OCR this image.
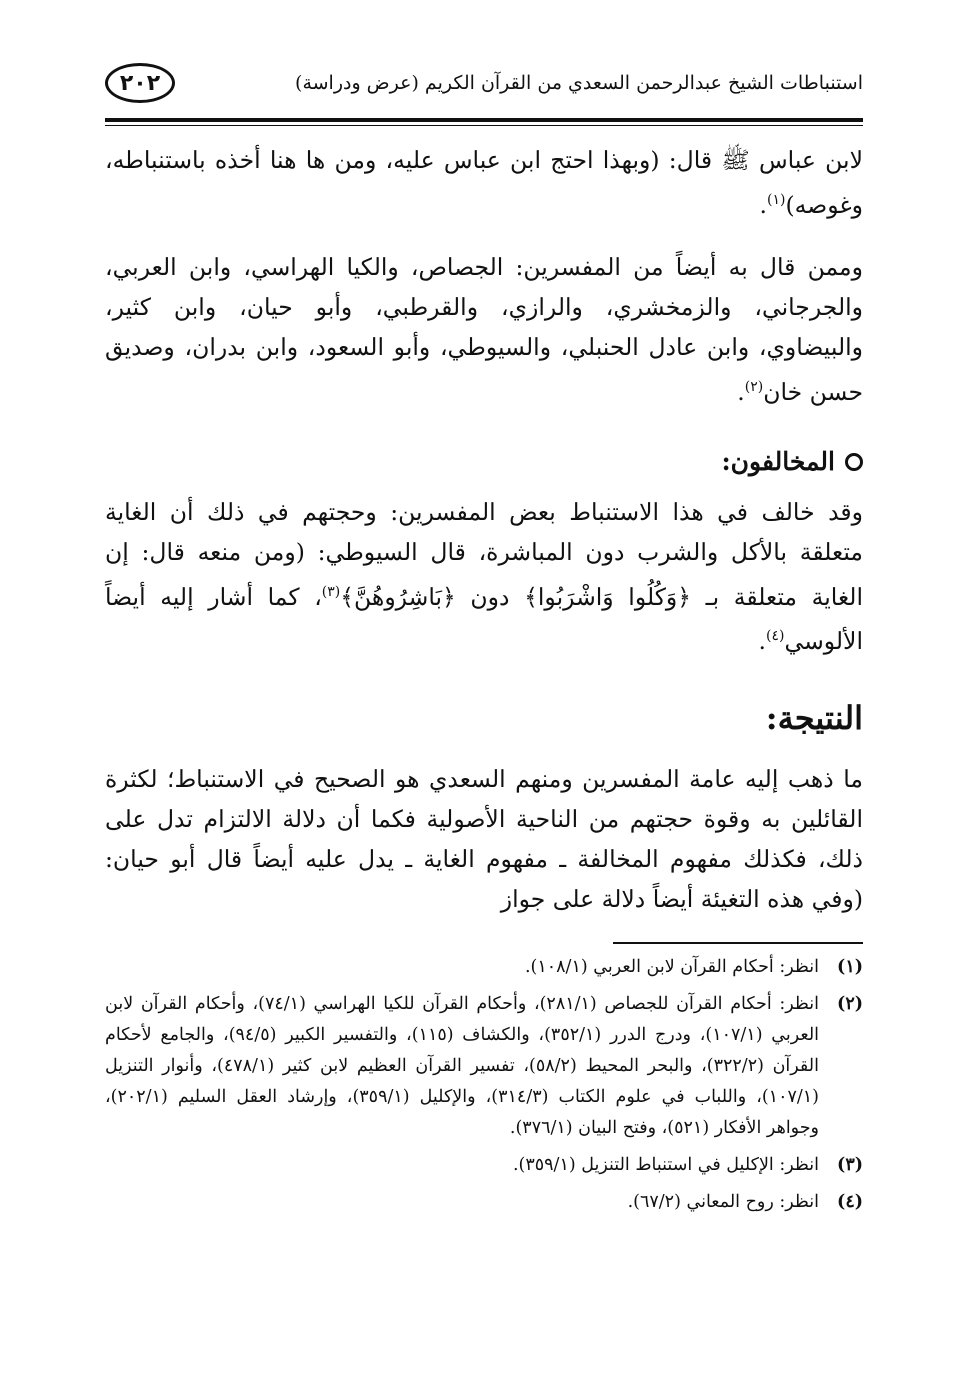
استنباطات الشيخ عبدالرحمن السعدي من القرآن الكريم (عرض ودراسة)
٢٠٢

لابن عباس ﷺ قال: (وبهذا احتج ابن عباس عليه، ومن ها هنا أخذه باستنباطه، وغوصه)$^{(١)}$.

وممن قال به أيضاً من المفسرين: الجصاص، والكيا الهراسي، وابن العربي، والجرجاني، والزمخشري، والرازي، والقرطبي، وأبو حيان، وابن كثير، والبيضاوي، وابن عادل الحنبلي، والسيوطي، وأبو السعود، وابن بدران، وصديق حسن خان$^{(٢)}$.

المخالفون:

وقد خالف في هذا الاستنباط بعض المفسرين: وحجتهم في ذلك أن الغاية متعلقة بالأكل والشرب دون المباشرة، قال السيوطي: (ومن منعه قال: إن الغاية متعلقة بـ ﴿وَكُلُوا وَاشْرَبُوا﴾ دون ﴿بَاشِرُوهُنَّ﴾$^{(٣)}$، كما أشار إليه أيضاً الألوسي$^{(٤)}$.

النتيجة:

ما ذهب إليه عامة المفسرين ومنهم السعدي هو الصحيح في الاستنباط؛ لكثرة القائلين به وقوة حجتهم من الناحية الأصولية فكما أن دلالة الالتزام تدل على ذلك، فكذلك مفهوم المخالفة ـ مفهوم الغاية ـ يدل عليه أيضاً قال أبو حيان: (وفي هذه التغيئة أيضاً دلالة على جواز

(١)
انظر: أحكام القرآن لابن العربي (١٠٨/١).
(٢)
انظر: أحكام القرآن للجصاص (٢٨١/١)، وأحكام القرآن للكيا الهراسي (٧٤/١)، وأحكام القرآن لابن العربي (١٠٧/١)، ودرج الدرر (٣٥٢/١)، والكشاف (١١٥)، والتفسير الكبير (٩٤/٥)، والجامع لأحكام القرآن (٣٢٢/٢)، والبحر المحيط (٥٨/٢)، تفسير القرآن العظيم لابن كثير (٤٧٨/١)، وأنوار التنزيل (١٠٧/١)، واللباب في علوم الكتاب (٣١٤/٣)، والإكليل (٣٥٩/١)، وإرشاد العقل السليم (٢٠٢/١)، وجواهر الأفكار (٥٢١)، وفتح البيان (٣٧٦/١).
(٣)
انظر: الإكليل في استنباط التنزيل (٣٥٩/١).
(٤)
انظر: روح المعاني (٦٧/٢).
